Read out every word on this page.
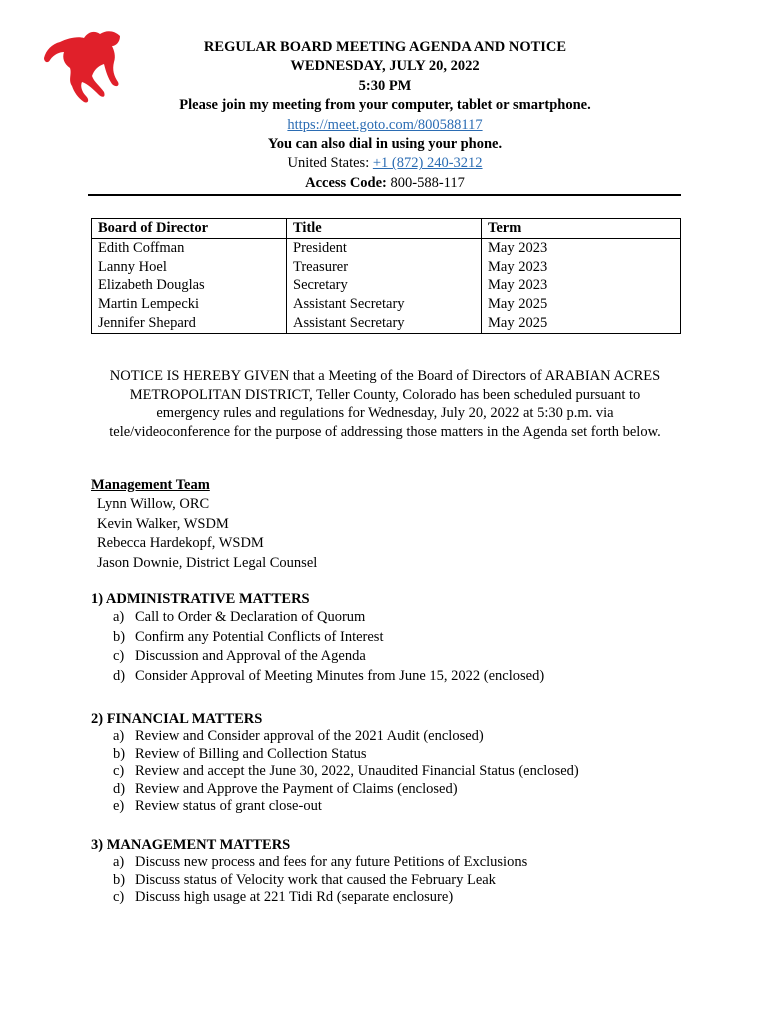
REGULAR BOARD MEETING AGENDA AND NOTICE
WEDNESDAY, JULY 20, 2022
5:30 PM
Please join my meeting from your computer, tablet or smartphone.
https://meet.goto.com/800588117
You can also dial in using your phone.
United States: +1 (872) 240-3212
Access Code: 800-588-117
Board of Director	Title	Term
Edith Coffman	President	May 2023
Lanny Hoel	Treasurer	May 2023
Elizabeth Douglas	Secretary	May 2023
Martin Lempecki	Assistant Secretary	May 2025
Jennifer Shepard	Assistant Secretary	May 2025
NOTICE IS HEREBY GIVEN that a Meeting of the Board of Directors of ARABIAN ACRES
METROPOLITAN DISTRICT, Teller County, Colorado has been scheduled pursuant to
emergency rules and regulations for Wednesday, July 20, 2022 at 5:30 p.m. via
tele/videoconference for the purpose of addressing those matters in the Agenda set forth below.
Management Team
Lynn Willow, ORC
Kevin Walker, WSDM
Rebecca Hardekopf, WSDM
Jason Downie, District Legal Counsel
1) ADMINISTRATIVE MATTERS
a) Call to Order & Declaration of Quorum
b) Confirm any Potential Conflicts of Interest
c) Discussion and Approval of the Agenda
d) Consider Approval of Meeting Minutes from June 15, 2022 (enclosed)
2) FINANCIAL MATTERS
a) Review and Consider approval of the 2021 Audit (enclosed)
b) Review of Billing and Collection Status
c) Review and accept the June 30, 2022, Unaudited Financial Status (enclosed)
d) Review and Approve the Payment of Claims (enclosed)
e) Review status of grant close-out
3) MANAGEMENT MATTERS
a) Discuss new process and fees for any future Petitions of Exclusions
b) Discuss status of Velocity work that caused the February Leak
c) Discuss high usage at 221 Tidi Rd (separate enclosure)
